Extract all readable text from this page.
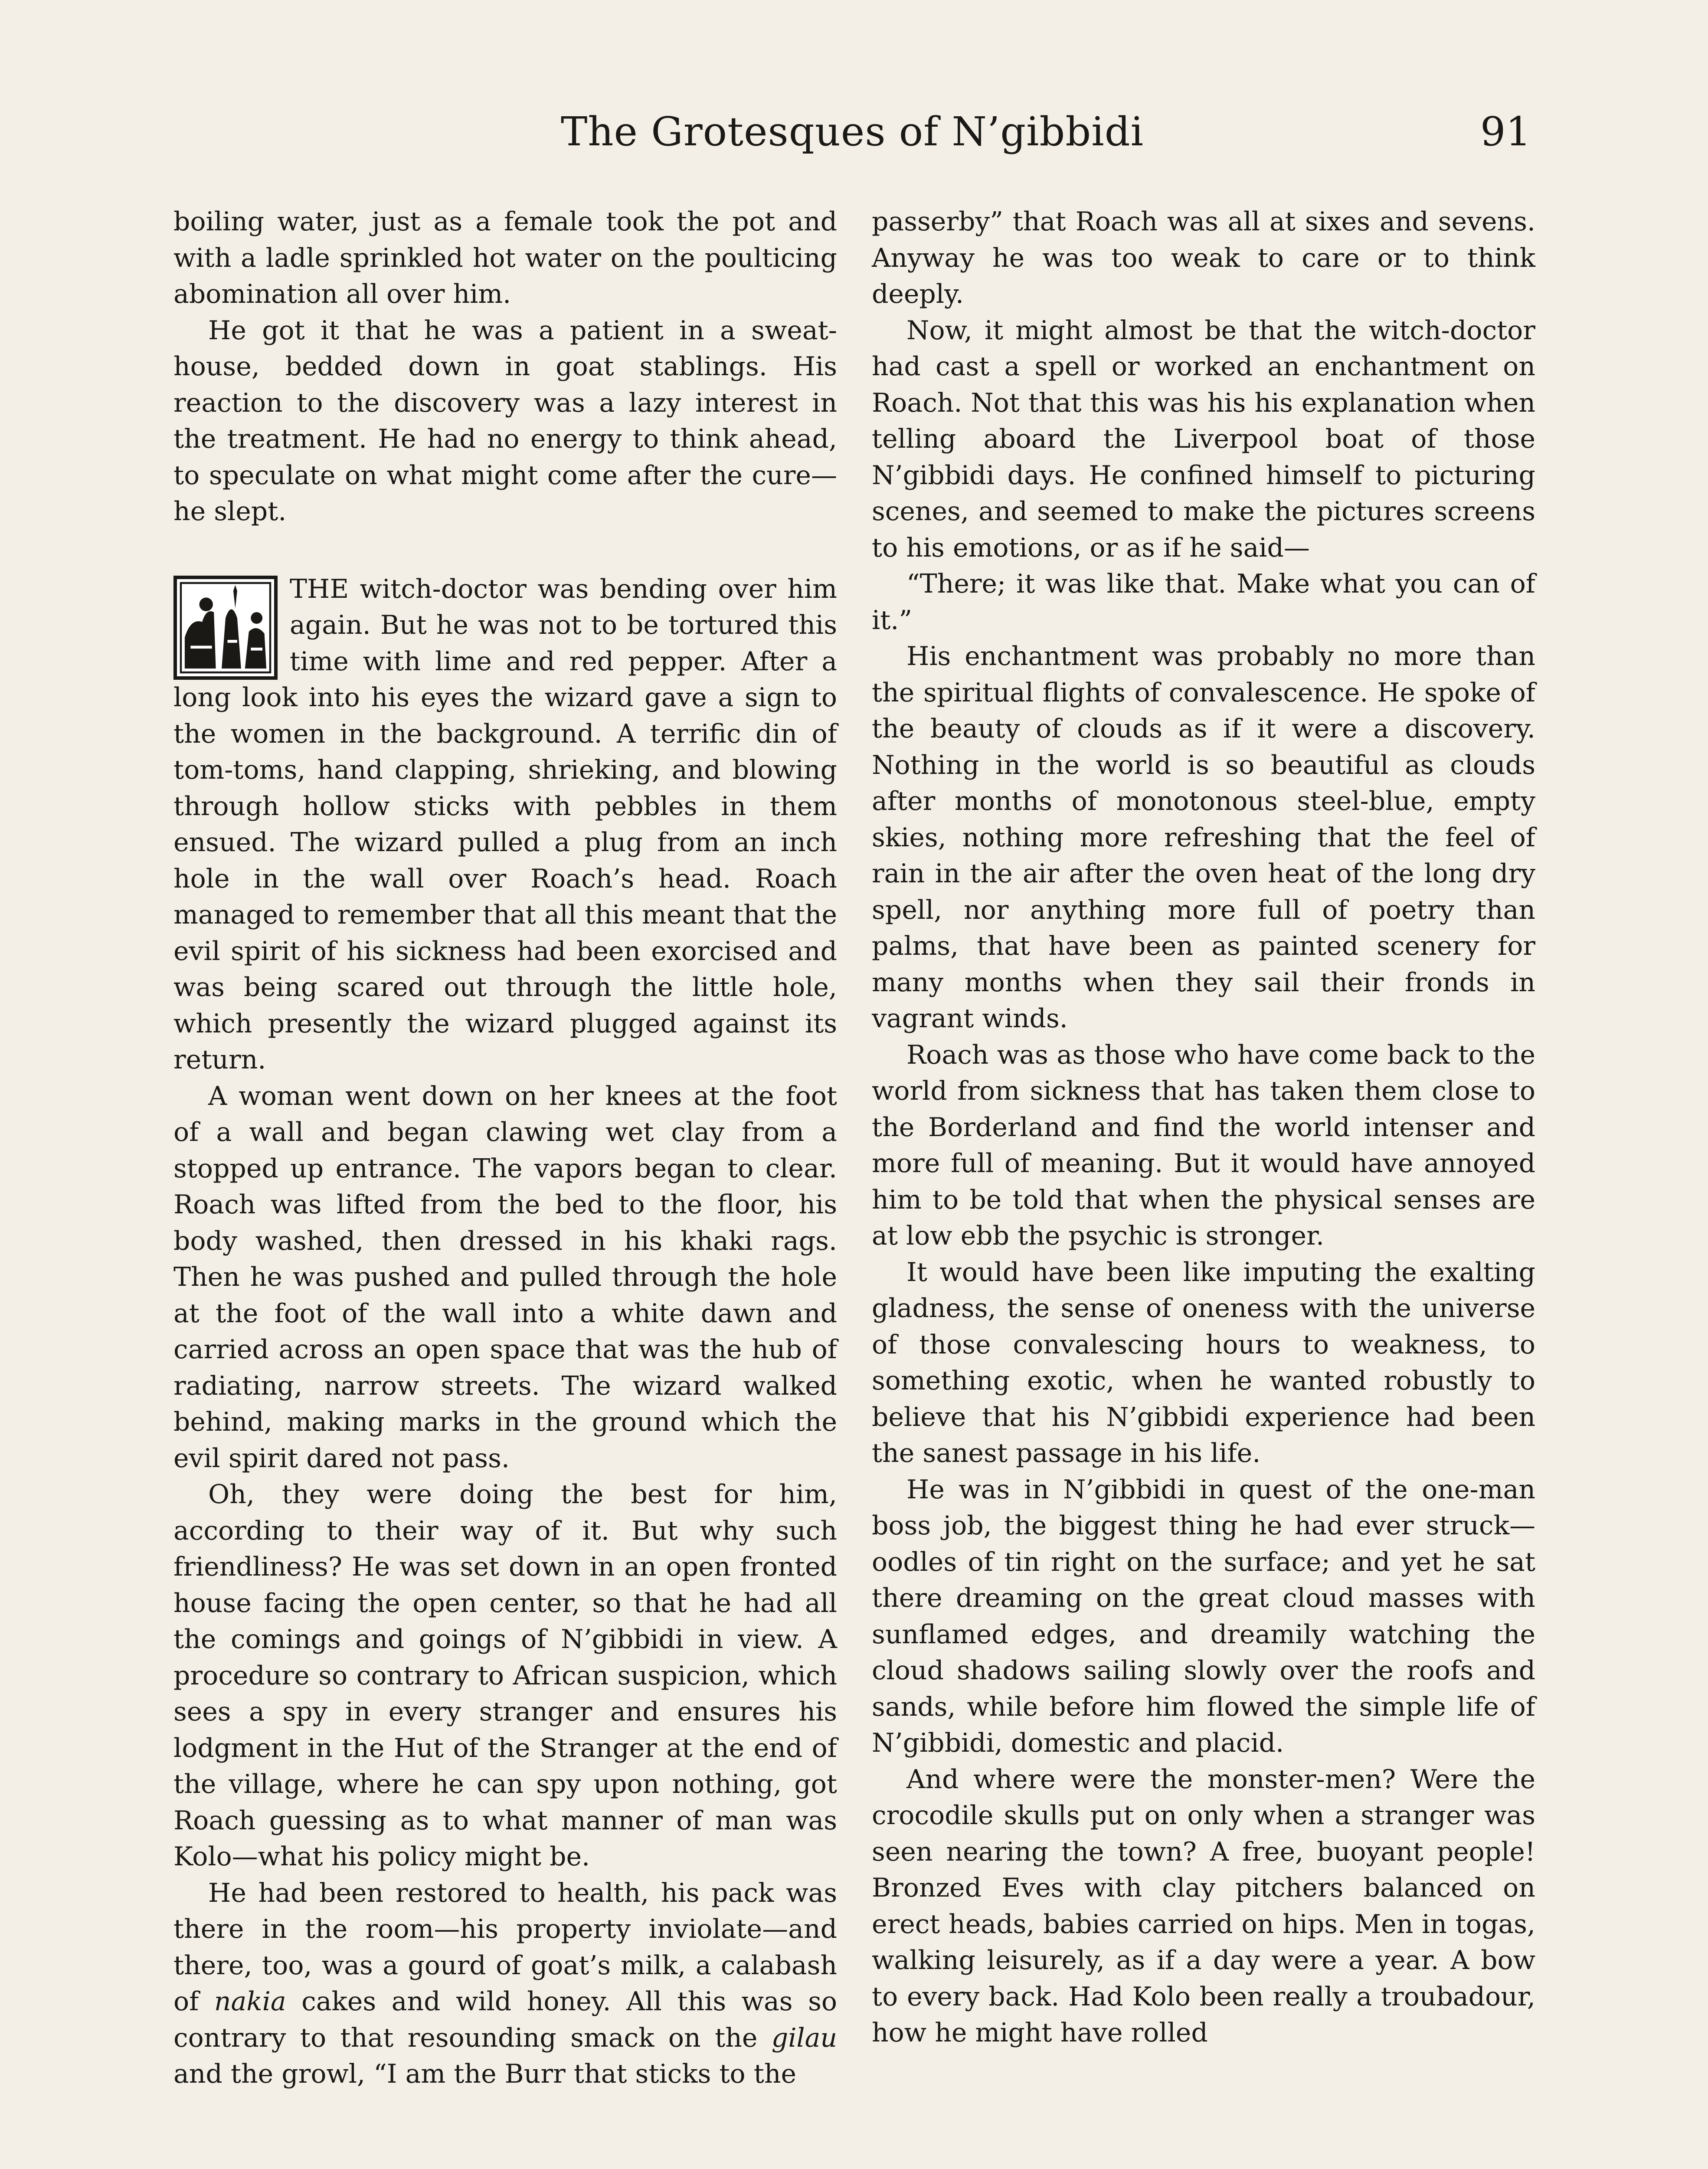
The Grotesques of N’gibbidi	91

boiling water, just as a female took the pot and with a ladle sprinkled hot water on the poulticing abomination all over him.

He got it that he was a patient in a sweat-house, bedded down in goat stablings. His reaction to the discovery was a lazy interest in the treatment. He had no energy to think ahead, to speculate on what might come after the cure—he slept.

THE witch-doctor was bending over him again. But he was not to be tortured this time with lime and red pepper. After a long look into his eyes the wizard gave a sign to the women in the background. A terrific din of tom-toms, hand clapping, shrieking, and blowing through hollow sticks with pebbles in them ensued. The wizard pulled a plug from an inch hole in the wall over Roach’s head. Roach managed to remember that all this meant that the evil spirit of his sickness had been exorcised and was being scared out through the little hole, which presently the wizard plugged against its return.

A woman went down on her knees at the foot of a wall and began clawing wet clay from a stopped up entrance. The vapors began to clear. Roach was lifted from the bed to the floor, his body washed, then dressed in his khaki rags. Then he was pushed and pulled through the hole at the foot of the wall into a white dawn and carried across an open space that was the hub of radiating, narrow streets. The wizard walked behind, making marks in the ground which the evil spirit dared not pass.

Oh, they were doing the best for him, according to their way of it. But why such friendliness? He was set down in an open fronted house facing the open center, so that he had all the comings and goings of N’gibbidi in view. A procedure so contrary to African suspicion, which sees a spy in every stranger and ensures his lodgment in the Hut of the Stranger at the end of the village, where he can spy upon nothing, got Roach guessing as to what manner of man was Kolo—what his policy might be.

He had been restored to health, his pack was there in the room—his property inviolate—and there, too, was a gourd of goat’s milk, a calabash of nakia cakes and wild honey. All this was so contrary to that resounding smack on the gilau and the growl, “I am the Burr that sticks to the

passerby” that Roach was all at sixes and sevens. Anyway he was too weak to care or to think deeply.

Now, it might almost be that the witch-doctor had cast a spell or worked an enchantment on Roach. Not that this was his his explanation when telling aboard the Liverpool boat of those N’gibbidi days. He confined himself to picturing scenes, and seemed to make the pictures screens to his emotions, or as if he said—

“There; it was like that. Make what you can of it.”

His enchantment was probably no more than the spiritual flights of convalescence. He spoke of the beauty of clouds as if it were a discovery. Nothing in the world is so beautiful as clouds after months of monotonous steel-blue, empty skies, nothing more refreshing that the feel of rain in the air after the oven heat of the long dry spell, nor anything more full of poetry than palms, that have been as painted scenery for many months when they sail their fronds in vagrant winds.

Roach was as those who have come back to the world from sickness that has taken them close to the Borderland and find the world intenser and more full of meaning. But it would have annoyed him to be told that when the physical senses are at low ebb the psychic is stronger.

It would have been like imputing the exalting gladness, the sense of oneness with the universe of those convalescing hours to weakness, to something exotic, when he wanted robustly to believe that his N’gibbidi experience had been the sanest passage in his life.

He was in N’gibbidi in quest of the one-man boss job, the biggest thing he had ever struck—oodles of tin right on the surface; and yet he sat there dreaming on the great cloud masses with sunflamed edges, and dreamily watching the cloud shadows sailing slowly over the roofs and sands, while before him flowed the simple life of N’gibbidi, domestic and placid.

And where were the monster-men? Were the crocodile skulls put on only when a stranger was seen nearing the town? A free, buoyant people! Bronzed Eves with clay pitchers balanced on erect heads, babies carried on hips. Men in togas, walking leisurely, as if a day were a year. A bow to every back. Had Kolo been really a troubadour, how he might have rolled
